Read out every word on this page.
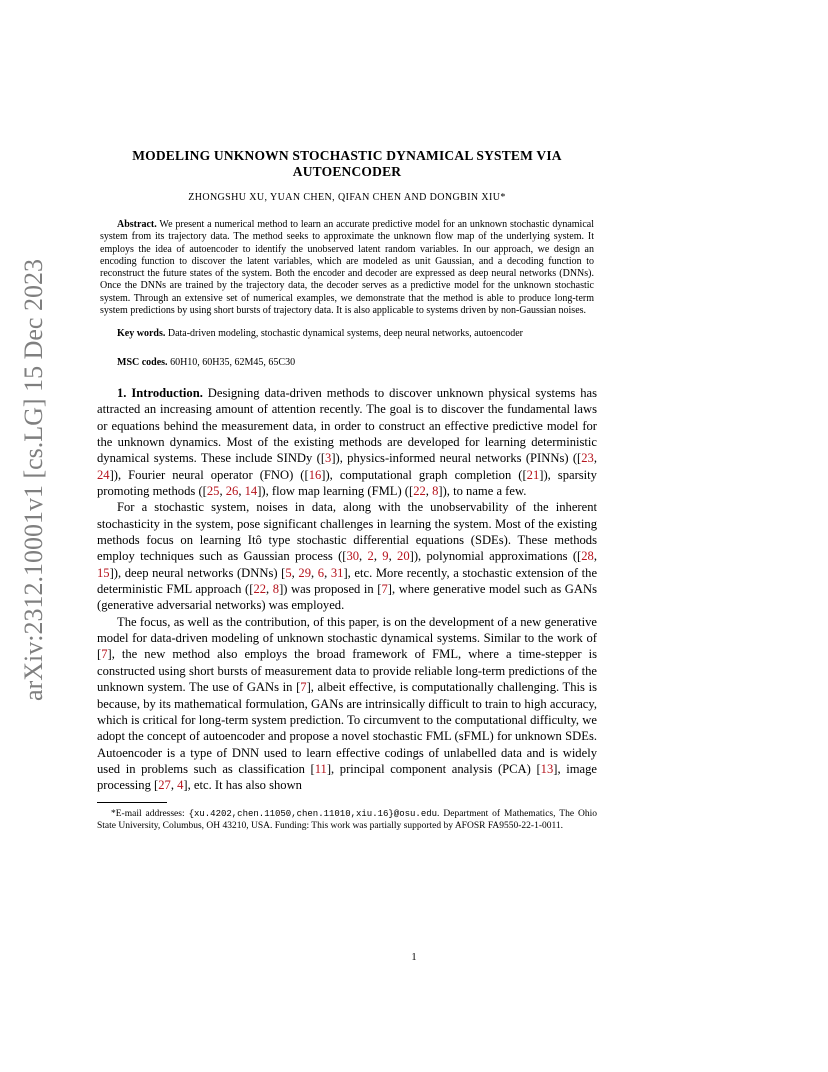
arXiv:2312.10001v1 [cs.LG] 15 Dec 2023
MODELING UNKNOWN STOCHASTIC DYNAMICAL SYSTEM VIA
AUTOENCODER
ZHONGSHU XU, YUAN CHEN, QIFAN CHEN AND DONGBIN XIU*
Abstract. We present a numerical method to learn an accurate predictive model for an unknown stochastic dynamical system from its trajectory data. The method seeks to approximate the unknown flow map of the underlying system. It employs the idea of autoencoder to identify the unobserved latent random variables. In our approach, we design an encoding function to discover the latent variables, which are modeled as unit Gaussian, and a decoding function to reconstruct the future states of the system. Both the encoder and decoder are expressed as deep neural networks (DNNs). Once the DNNs are trained by the trajectory data, the decoder serves as a predictive model for the unknown stochastic system. Through an extensive set of numerical examples, we demonstrate that the method is able to produce long-term system predictions by using short bursts of trajectory data. It is also applicable to systems driven by non-Gaussian noises.
Key words. Data-driven modeling, stochastic dynamical systems, deep neural networks, autoencoder
MSC codes. 60H10, 60H35, 62M45, 65C30

1. Introduction. Designing data-driven methods to discover unknown physical systems has attracted an increasing amount of attention recently. The goal is to discover the fundamental laws or equations behind the measurement data, in order to construct an effective predictive model for the unknown dynamics. Most of the existing methods are developed for learning deterministic dynamical systems. These include SINDy ([3]), physics-informed neural networks (PINNs) ([23, 24]), Fourier neural operator (FNO) ([16]), computational graph completion ([21]), sparsity promoting methods ([25, 26, 14]), flow map learning (FML) ([22, 8]), to name a few.

For a stochastic system, noises in data, along with the unobservability of the inherent stochasticity in the system, pose significant challenges in learning the system. Most of the existing methods focus on learning Itô type stochastic differential equations (SDEs). These methods employ techniques such as Gaussian process ([30, 2, 9, 20]), polynomial approximations ([28, 15]), deep neural networks (DNNs) [5, 29, 6, 31], etc. More recently, a stochastic extension of the deterministic FML approach ([22, 8]) was proposed in [7], where generative model such as GANs (generative adversarial networks) was employed.

The focus, as well as the contribution, of this paper, is on the development of a new generative model for data-driven modeling of unknown stochastic dynamical systems. Similar to the work of [7], the new method also employs the broad framework of FML, where a time-stepper is constructed using short bursts of measurement data to provide reliable long-term predictions of the unknown system. The use of GANs in [7], albeit effective, is computationally challenging. This is because, by its mathematical formulation, GANs are intrinsically difficult to train to high accuracy, which is critical for long-term system prediction. To circumvent to the computational difficulty, we adopt the concept of autoencoder and propose a novel stochastic FML (sFML) for unknown SDEs. Autoencoder is a type of DNN used to learn effective codings of unlabelled data and is widely used in problems such as classification [11], principal component analysis (PCA) [13], image processing [27, 4], etc. It has also shown

*E-mail addresses: {xu.4202,chen.11050,chen.11010,xiu.16}@osu.edu. Department of Mathematics, The Ohio State University, Columbus, OH 43210, USA. Funding: This work was partially supported by AFOSR FA9550-22-1-0011.
1
